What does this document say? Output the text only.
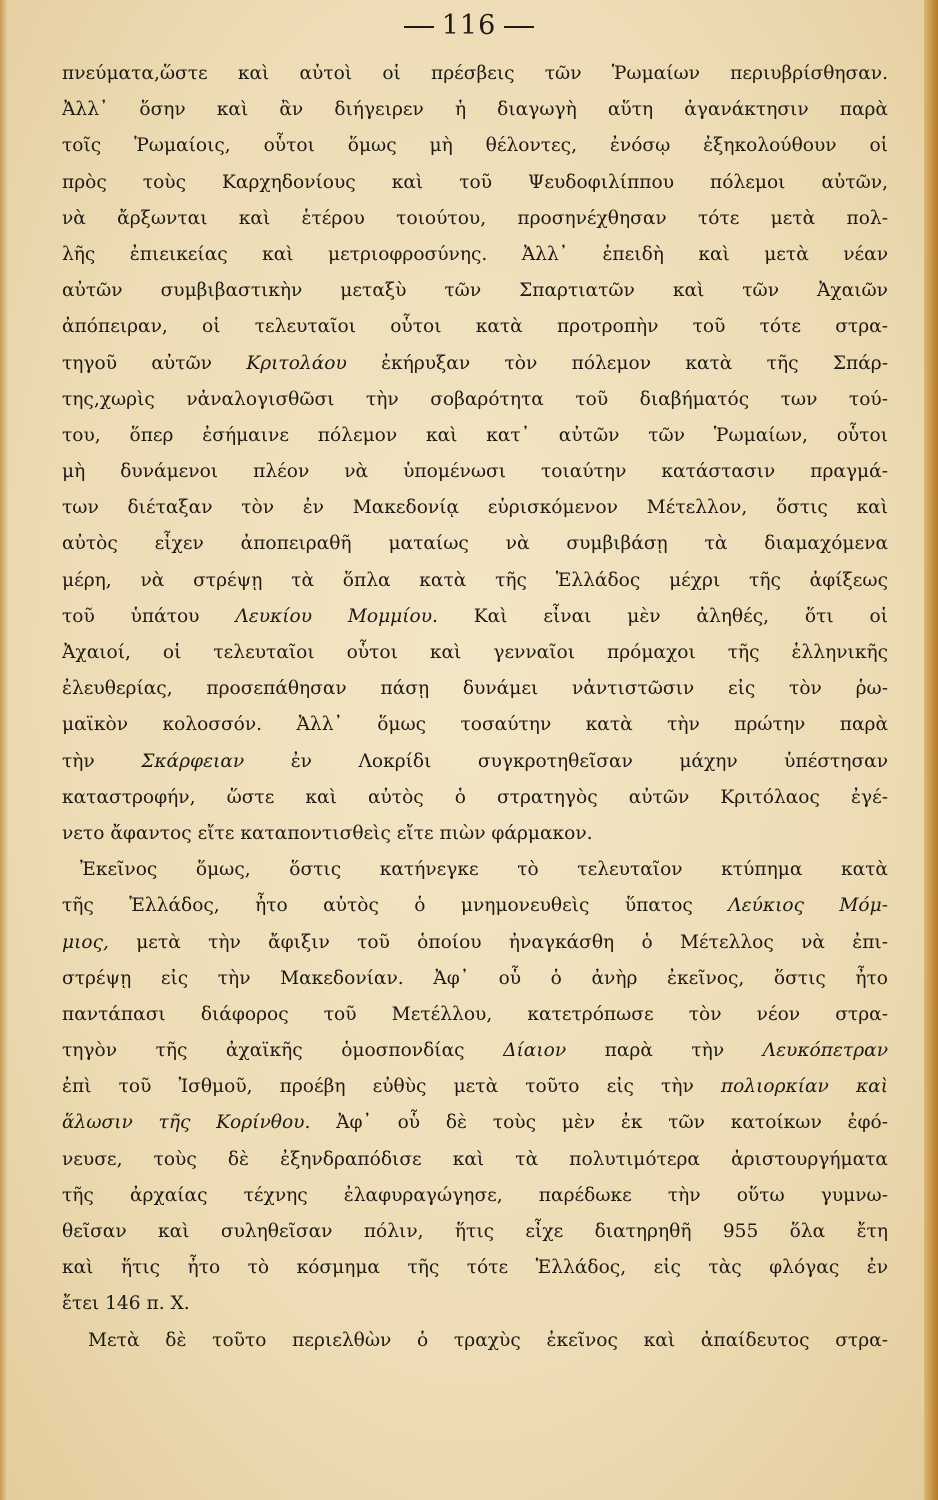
116
πνεύματα,ὥστε καὶ αὐτοὶ οἱ πρέσβεις τῶν Ῥωμαίων περιυβρίσθησαν.
Ἀλλ᾽ ὅσην καὶ ἂν διήγειρεν ἡ διαγωγὴ αὕτη ἀγανάκτησιν παρὰ
τοῖς Ῥωμαίοις, οὗτοι ὅμως μὴ θέλοντες, ἐνόσῳ ἐξηκολούθουν οἱ
πρὸς τοὺς Καρχηδονίους καὶ τοῦ Ψευδοφιλίππου πόλεμοι αὐτῶν,
νὰ ἄρξωνται καὶ ἑτέρου τοιούτου, προσηνέχθησαν τότε μετὰ πολ-
λῆς ἐπιεικείας καὶ μετριοφροσύνης. Ἀλλ᾽ ἐπειδὴ καὶ μετὰ νέαν
αὐτῶν συμβιβαστικὴν μεταξὺ τῶν Σπαρτιατῶν καὶ τῶν Ἀχαιῶν
ἀπόπειραν, οἱ τελευταῖοι οὗτοι κατὰ προτροπὴν τοῦ τότε στρα-
τηγοῦ αὐτῶν Κριτολάου ἐκήρυξαν τὸν πόλεμον κατὰ τῆς Σπάρ-
της,χωρὶς νἀναλογισθῶσι τὴν σοβαρότητα τοῦ διαβήματός των τού-
του, ὅπερ ἐσήμαινε πόλεμον καὶ κατ᾽ αὐτῶν τῶν Ῥωμαίων, οὗτοι
μὴ δυνάμενοι πλέον νὰ ὑπομένωσι τοιαύτην κατάστασιν πραγμά-
των διέταξαν τὸν ἐν Μακεδονίᾳ εὑρισκόμενον Μέτελλον, ὅστις καὶ
αὐτὸς εἶχεν ἀποπειραθῆ ματαίως νὰ συμβιβάσῃ τὰ διαμαχόμενα
μέρη, νὰ στρέψῃ τὰ ὅπλα κατὰ τῆς Ἑλλάδος μέχρι τῆς ἀφίξεως
τοῦ ὑπάτου Λευκίου Μομμίου. Καὶ εἶναι μὲν ἀληθές, ὅτι οἱ
Ἀχαιοί, οἱ τελευταῖοι οὗτοι καὶ γενναῖοι πρόμαχοι τῆς ἑλληνικῆς
ἐλευθερίας, προσεπάθησαν πάσῃ δυνάμει νἀντιστῶσιν εἰς τὸν ῥω-
μαϊκὸν κολοσσόν. Ἀλλ᾽ ὅμως τοσαύτην κατὰ τὴν πρώτην παρὰ
τὴν Σκάρφειαν ἐν Λοκρίδι συγκροτηθεῖσαν μάχην ὑπέστησαν
καταστροφήν, ὥστε καὶ αὐτὸς ὁ στρατηγὸς αὐτῶν Κριτόλαος ἐγέ-
νετο ἄφαντος εἴτε καταποντισθεὶς εἴτε πιὼν φάρμακον.
Ἐκεῖνος ὅμως, ὅστις κατήνεγκε τὸ τελευταῖον κτύπημα κατὰ
τῆς Ἑλλάδος, ἦτο αὐτὸς ὁ μνημονευθεὶς ὕπατος Λεύκιος Μόμ-
μιος, μετὰ τὴν ἄφιξιν τοῦ ὁποίου ἠναγκάσθη ὁ Μέτελλος νὰ ἐπι-
στρέψῃ εἰς τὴν Μακεδονίαν. Ἀφ᾽ οὗ ὁ ἀνὴρ ἐκεῖνος, ὅστις ἦτο
παντάπασι διάφορος τοῦ Μετέλλου, κατετρόπωσε τὸν νέον στρα-
τηγὸν τῆς ἀχαϊκῆς ὁμοσπονδίας Δίαιον παρὰ τὴν Λευκόπετραν
ἐπὶ τοῦ Ἰσθμοῦ, προέβη εὐθὺς μετὰ τοῦτο εἰς τὴν πολιορκίαν καὶ
ἅλωσιν τῆς Κορίνθου. Ἀφ᾽ οὗ δὲ τοὺς μὲν ἐκ τῶν κατοίκων ἐφό-
νευσε, τοὺς δὲ ἐξηνδραπόδισε καὶ τὰ πολυτιμότερα ἀριστουργήματα
τῆς ἀρχαίας τέχνης ἐλαφυραγώγησε, παρέδωκε τὴν οὕτω γυμνω-
θεῖσαν καὶ συληθεῖσαν πόλιν, ἥτις εἶχε διατηρηθῆ 955 ὅλα ἔτη
καὶ ἥτις ἦτο τὸ κόσμημα τῆς τότε Ἑλλάδος, εἰς τὰς φλόγας ἐν
ἔτει 146 π. Χ.
Μετὰ δὲ τοῦτο περιελθὼν ὁ τραχὺς ἐκεῖνος καὶ ἀπαίδευτος στρα-
